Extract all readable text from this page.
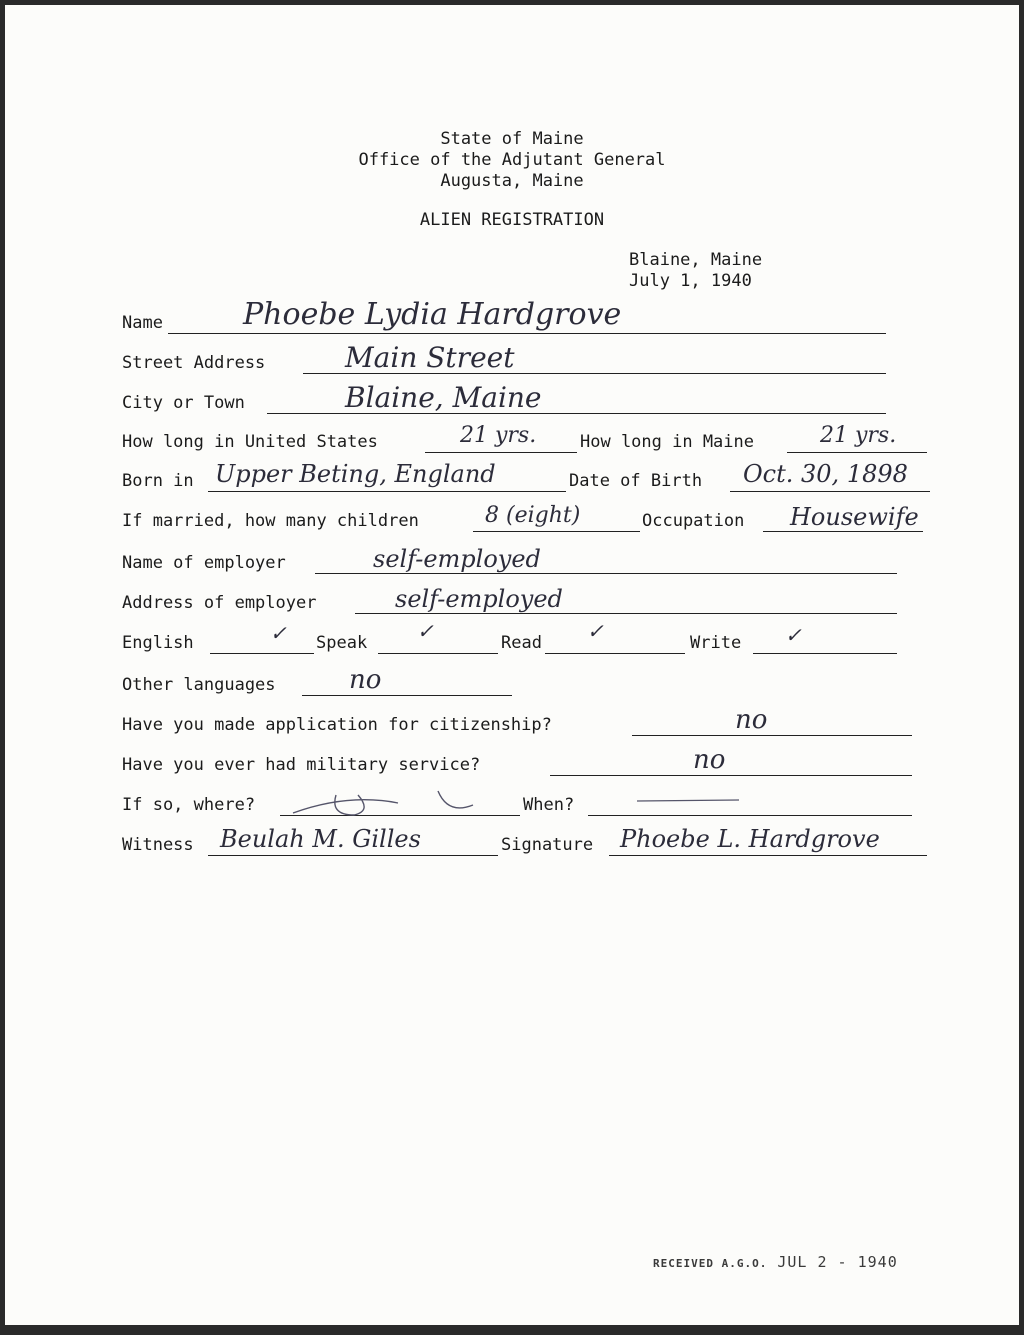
State of Maine
Office of the Adjutant General
Augusta, Maine
ALIEN REGISTRATION
Blaine, Maine
July 1, 1940
Name	Phoebe Lydia Hardgrove
Street Address	Main Street
City or Town	Blaine, Maine
How long in United States	21 yrs.	How long in Maine	21 yrs.
Born in Upper Beting, England	Date of Birth Oct. 30, 1898
If married, how many children	8 (eight)	Occupation Housewife
Name of employer	self-employed
Address of employer	self-employed
English	✓ Speak ✓	Read ✓	Write ✓
Other languages	no
Have you made application for citizenship?	no
Have you ever had military service?	no
If so, where?	When?
Witness Beulah M. Gilles	Signature Phoebe L. Hardgrove
RECEIVED A.G.O. JUL 2 - 1940
